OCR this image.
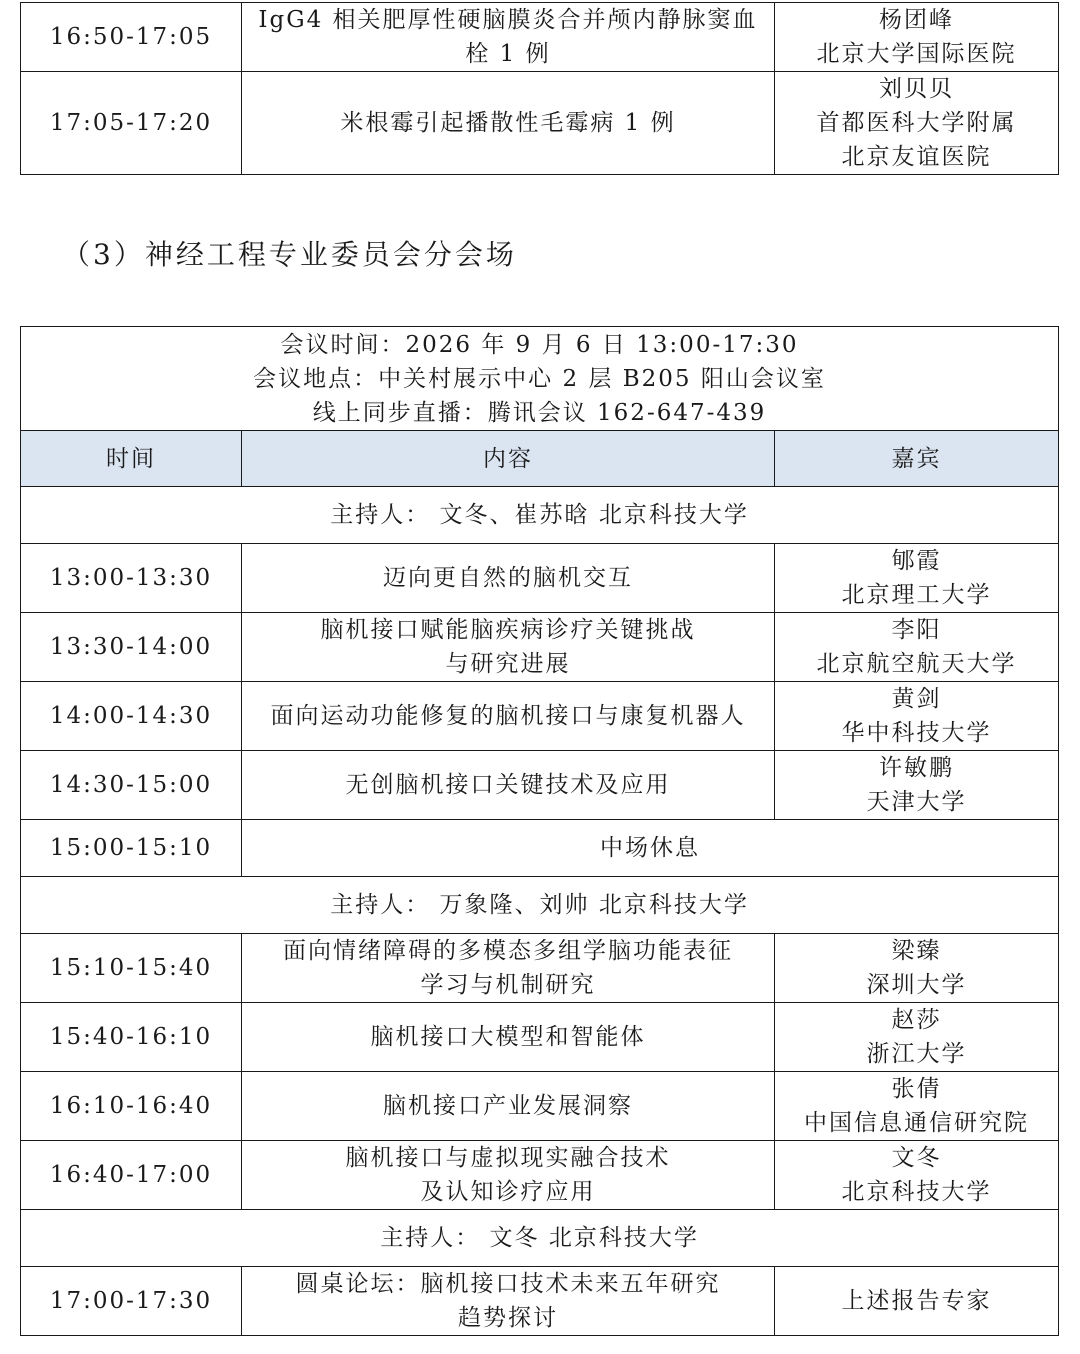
16:50-17:05	IgG4 相关肥厚性硬脑膜炎合并颅内静脉窦血
栓 1 例	杨团峰
北京大学国际医院

17:05-17:20	米根霉引起播散性毛霉病 1 例	刘贝贝
首都医科大学附属
北京友谊医院
（3）神经工程专业委员会分会场
会议时间：2026 年 9 月 6 日 13:00-17:30
会议地点：中关村展示中心 2 层 B205 阳山会议室
线上同步直播：腾讯会议 162-647-439		

时间	内容	嘉宾
主持人： 文冬、崔苏晗 北京科技大学		
13:00-13:30	迈向更自然的脑机交互	郇霞
北京理工大学

13:30-14:00	脑机接口赋能脑疾病诊疗关键挑战
与研究进展	李阳
北京航空航天大学

14:00-14:30	面向运动功能修复的脑机接口与康复机器人	黄剑
华中科技大学

14:30-15:00	无创脑机接口关键技术及应用	许敏鹏
天津大学

15:00-15:10	中场休息	
主持人： 万象隆、刘帅 北京科技大学		
15:10-15:40	面向情绪障碍的多模态多组学脑功能表征
学习与机制研究	梁臻
深圳大学

15:40-16:10	脑机接口大模型和智能体	赵莎
浙江大学

16:10-16:40	脑机接口产业发展洞察	张倩
中国信息通信研究院

16:40-17:00	脑机接口与虚拟现实融合技术
及认知诊疗应用	文冬
北京科技大学

主持人： 文冬 北京科技大学		
17:00-17:30	圆桌论坛：脑机接口技术未来五年研究
趋势探讨	上述报告专家
